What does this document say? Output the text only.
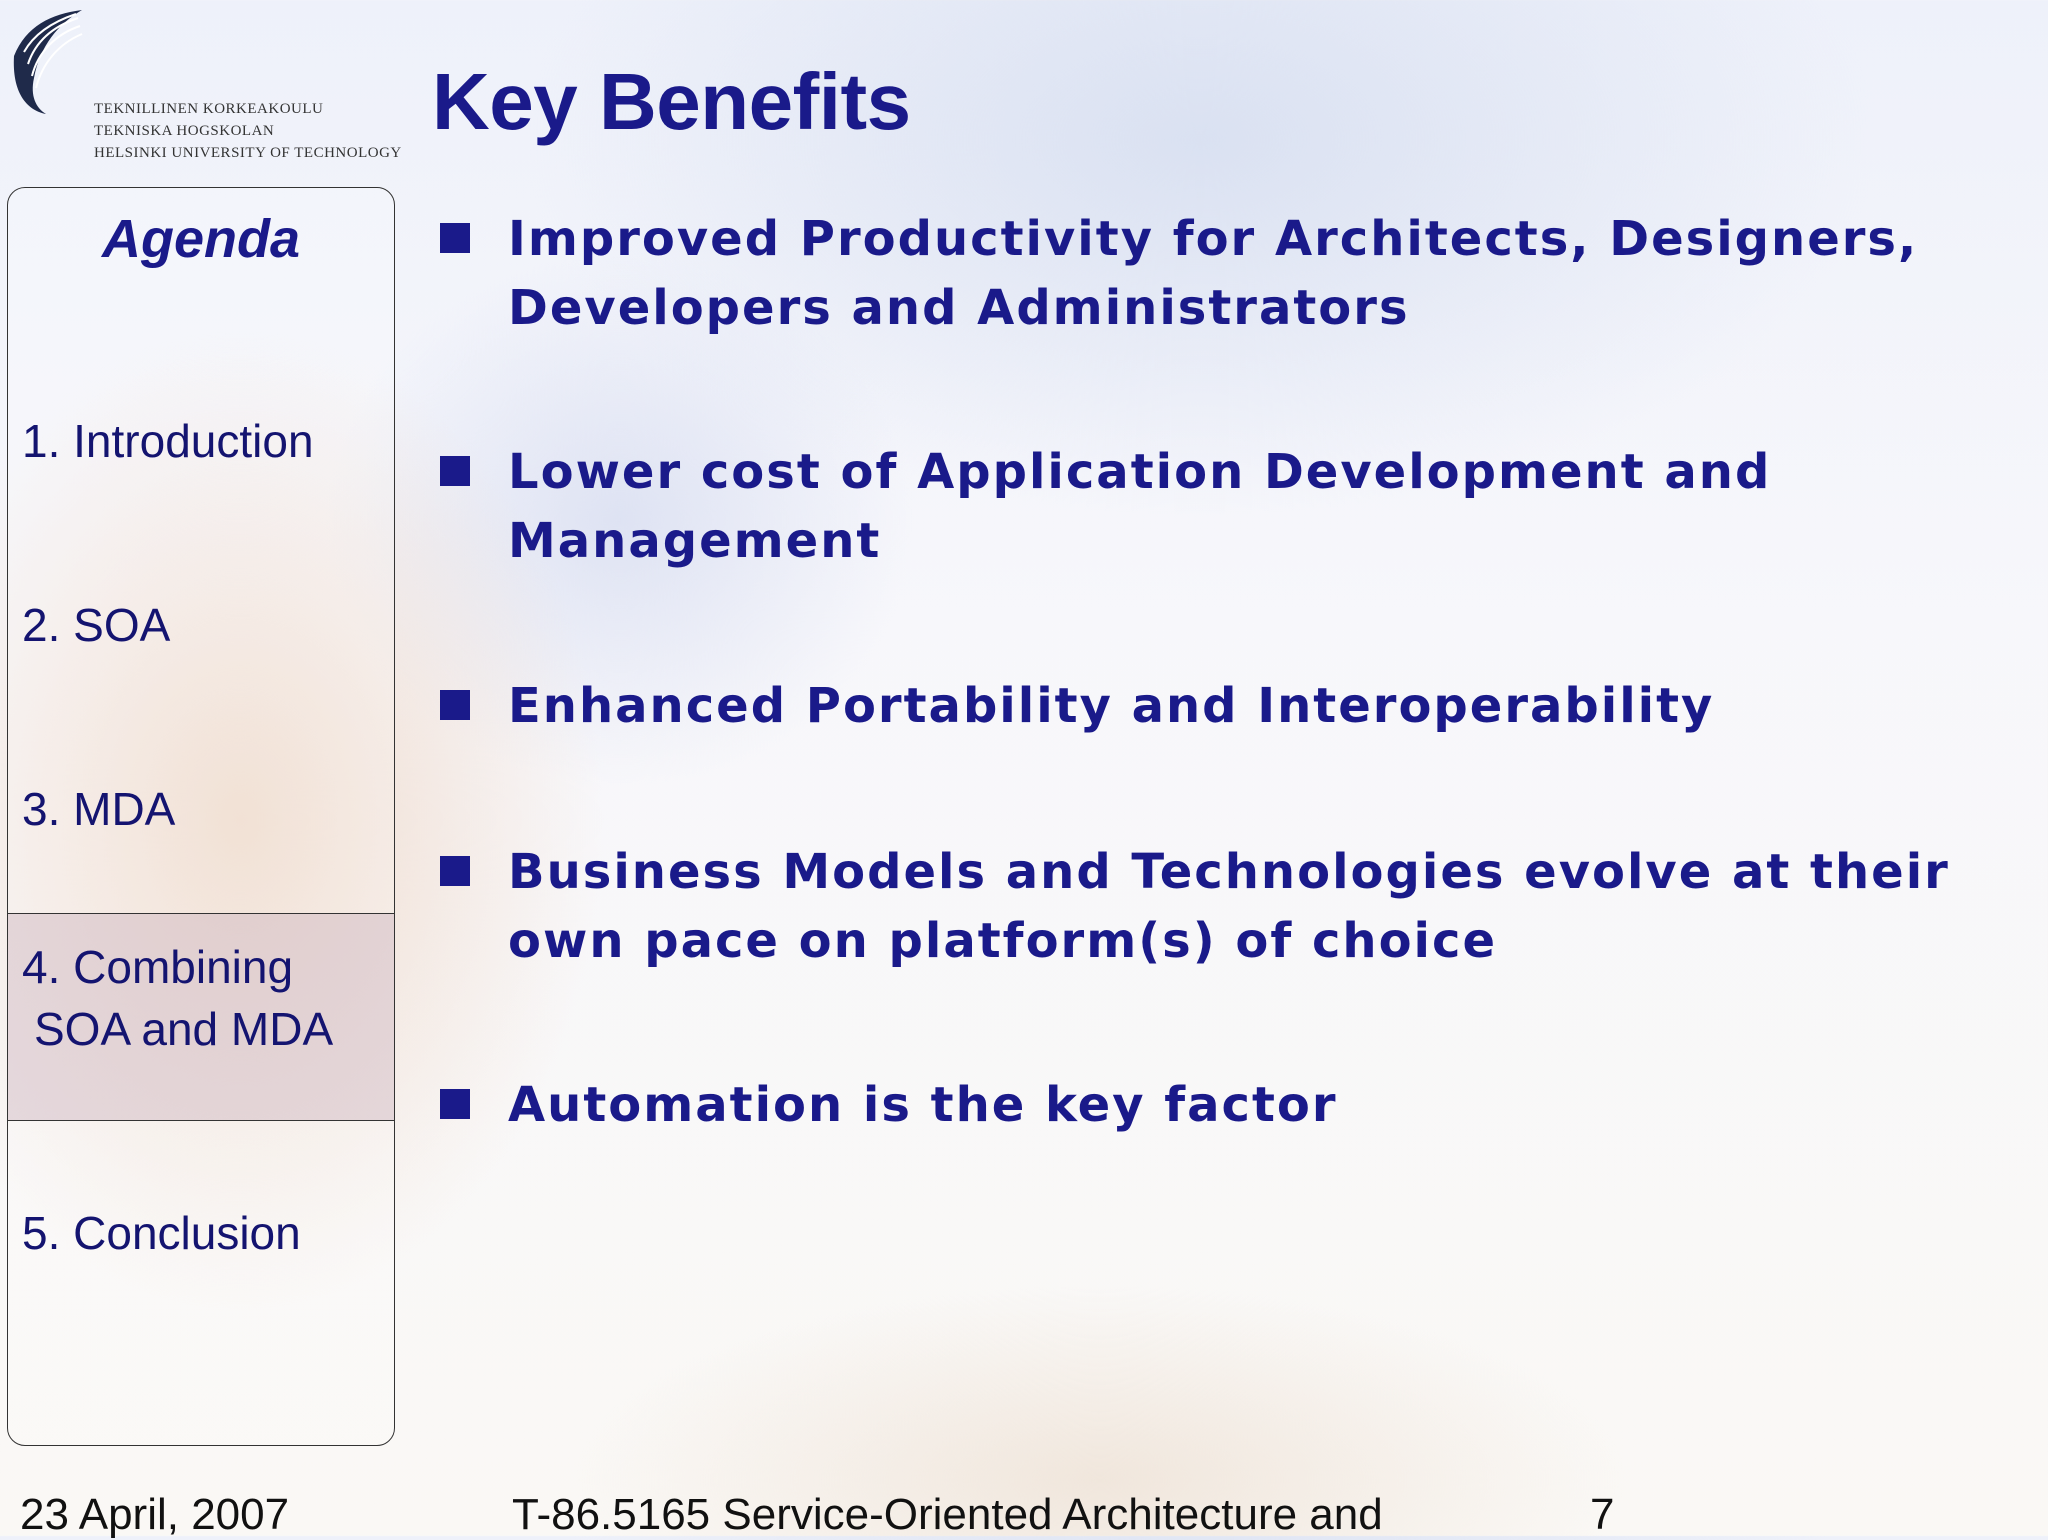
TEKNILLINEN KORKEAKOULU
TEKNISKA HOGSKOLAN
HELSINKI UNIVERSITY OF TECHNOLOGY
Key Benefits
Agenda
1. Introduction
2. SOA
3. MDA
4. Combining
SOA and MDA
5. Conclusion
Improved Productivity for Architects, Designers, Developers and Administrators
Lower cost of Application Development and Management
Enhanced Portability and Interoperability
Business Models and Technologies evolve at their own pace on platform(s) of choice
Automation is the key factor
23 April, 2007	T-86.5165 Service-Oriented Architecture and	7
